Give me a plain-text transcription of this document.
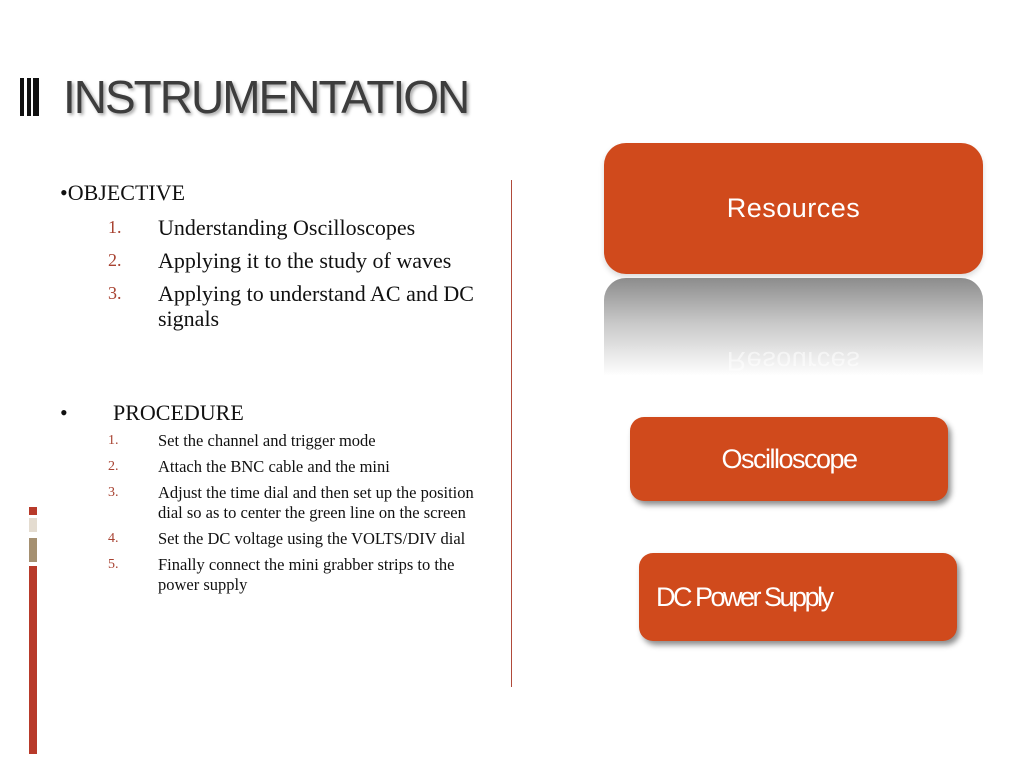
INSTRUMENTATION

•OBJECTIVE

1. Understanding Oscilloscopes
2. Applying it to the study of waves
3. Applying to understand AC and DC signals

• PROCEDURE

1. Set the channel and trigger mode
2. Attach the BNC cable and the mini
3. Adjust the time dial and then set up the position dial so as to center the green line on the screen
4. Set the DC voltage using the VOLTS/DIV dial
5. Finally connect the mini grabber strips to the power supply
Resources
Resources
Oscilloscope
DC Power Supply
